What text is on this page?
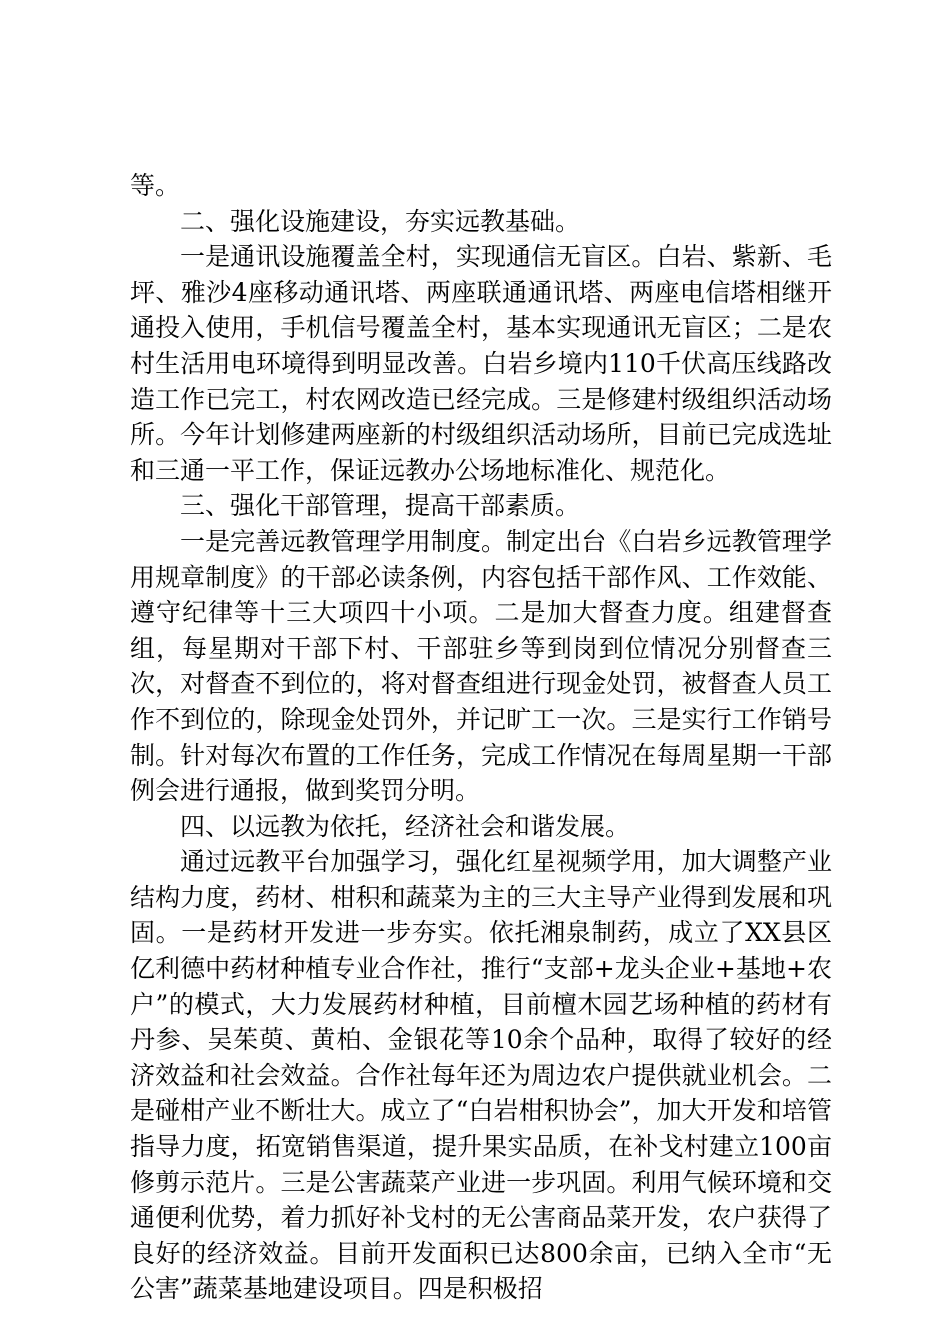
等。

二、强化设施建设，夯实远教基础。

一是通讯设施覆盖全村，实现通信无盲区。白岩、紫新、毛坪、雅沙4座移动通讯塔、两座联通通讯塔、两座电信塔相继开通投入使用，手机信号覆盖全村，基本实现通讯无盲区；二是农村生活用电环境得到明显改善。白岩乡境内110千伏高压线路改造工作已完工，村农网改造已经完成。三是修建村级组织活动场所。今年计划修建两座新的村级组织活动场所，目前已完成选址和三通一平工作，保证远教办公场地标准化、规范化。

三、强化干部管理，提高干部素质。

一是完善远教管理学用制度。制定出台《白岩乡远教管理学用规章制度》的干部必读条例，内容包括干部作风、工作效能、遵守纪律等十三大项四十小项。二是加大督查力度。组建督查组，每星期对干部下村、干部驻乡等到岗到位情况分别督查三次，对督查不到位的，将对督查组进行现金处罚，被督查人员工作不到位的，除现金处罚外，并记旷工一次。三是实行工作销号制。针对每次布置的工作任务，完成工作情况在每周星期一干部例会进行通报，做到奖罚分明。

四、以远教为依托，经济社会和谐发展。

通过远教平台加强学习，强化红星视频学用，加大调整产业结构力度，药材、柑积和蔬菜为主的三大主导产业得到发展和巩固。一是药材开发进一步夯实。依托湘泉制药，成立了XX县区亿利德中药材种植专业合作社，推行“支部+龙头企业+基地+农户”的模式，大力发展药材种植，目前檀木园艺场种植的药材有丹参、吴茱萸、黄柏、金银花等10余个品种，取得了较好的经济效益和社会效益。合作社每年还为周边农户提供就业机会。二是碰柑产业不断壮大。成立了“白岩柑积协会”，加大开发和培管指导力度，拓宽销售渠道，提升果实品质，在补戈村建立100亩修剪示范片。三是公害蔬菜产业进一步巩固。利用气候环境和交通便利优势，着力抓好补戈村的无公害商品菜开发，农户获得了良好的经济效益。目前开发面积已达800余亩，已纳入全市“无公害”蔬菜基地建设项目。四是积极招
